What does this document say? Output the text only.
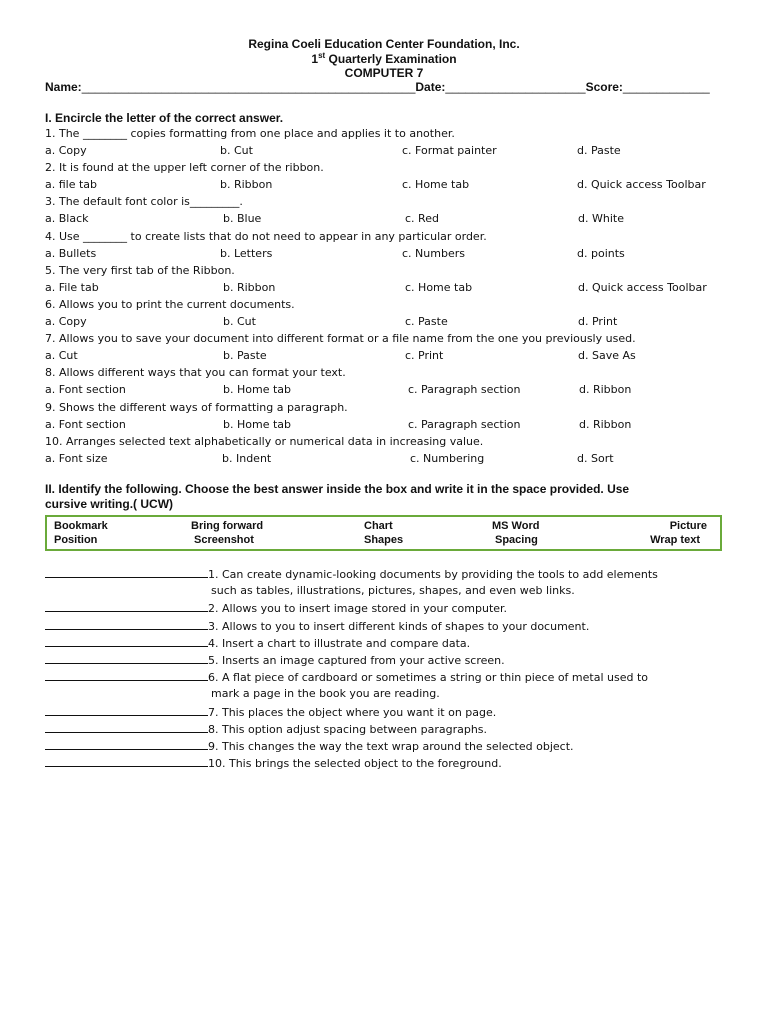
Regina Coeli Education Center Foundation, Inc.
1st Quarterly Examination
COMPUTER 7
Name:__________________________________________________Date:_____________________Score:_____________
I. Encircle the letter of the correct answer.
1. The ________ copies formatting from one place and applies it to another.
a. Copy	b. Cut	c. Format painter	d. Paste
2. It is found at the upper left corner of the ribbon.
a. file tab	b. Ribbon	c. Home tab	d. Quick access Toolbar
3. The default font color is_________.
a. Black	b. Blue	c. Red	d. White
4. Use ________ to create lists that do not need to appear in any particular order.
a. Bullets	b. Letters	c. Numbers	d. points
5. The very first tab of the Ribbon.
a. File tab	b. Ribbon	c. Home tab	d. Quick access Toolbar
6. Allows you to print the current documents.
a. Copy	b. Cut	c. Paste	d. Print
7. Allows you to save your document into different format or a file name from the one you previously used.
a. Cut	b. Paste	c. Print	d. Save As
8. Allows different ways that you can format your text.
a. Font section	b. Home tab	c. Paragraph section	d. Ribbon
9. Shows the different ways of formatting a paragraph.
a. Font section	b. Home tab	c. Paragraph section	d. Ribbon
10. Arranges selected text alphabetically or numerical data in increasing value.
a. Font size	b. Indent	c. Numbering	d. Sort
II. Identify the following. Choose the best answer inside the box and write it in the space provided. Use
cursive writing.( UCW)
Bookmark	Bring forward	Chart	MS Word	Picture
Position	Screenshot	Shapes	Spacing	Wrap text
1. Can create dynamic-looking documents by providing the tools to add elements
such as tables, illustrations, pictures, shapes, and even web links.
2. Allows you to insert image stored in your computer.
3. Allows to you to insert different kinds of shapes to your document.
4. Insert a chart to illustrate and compare data.
5. Inserts an image captured from your active screen.
6. A flat piece of cardboard or sometimes a string or thin piece of metal used to
mark a page in the book you are reading.
7. This places the object where you want it on page.
8. This option adjust spacing between paragraphs.
9. This changes the way the text wrap around the selected object.
10. This brings the selected object to the foreground.
